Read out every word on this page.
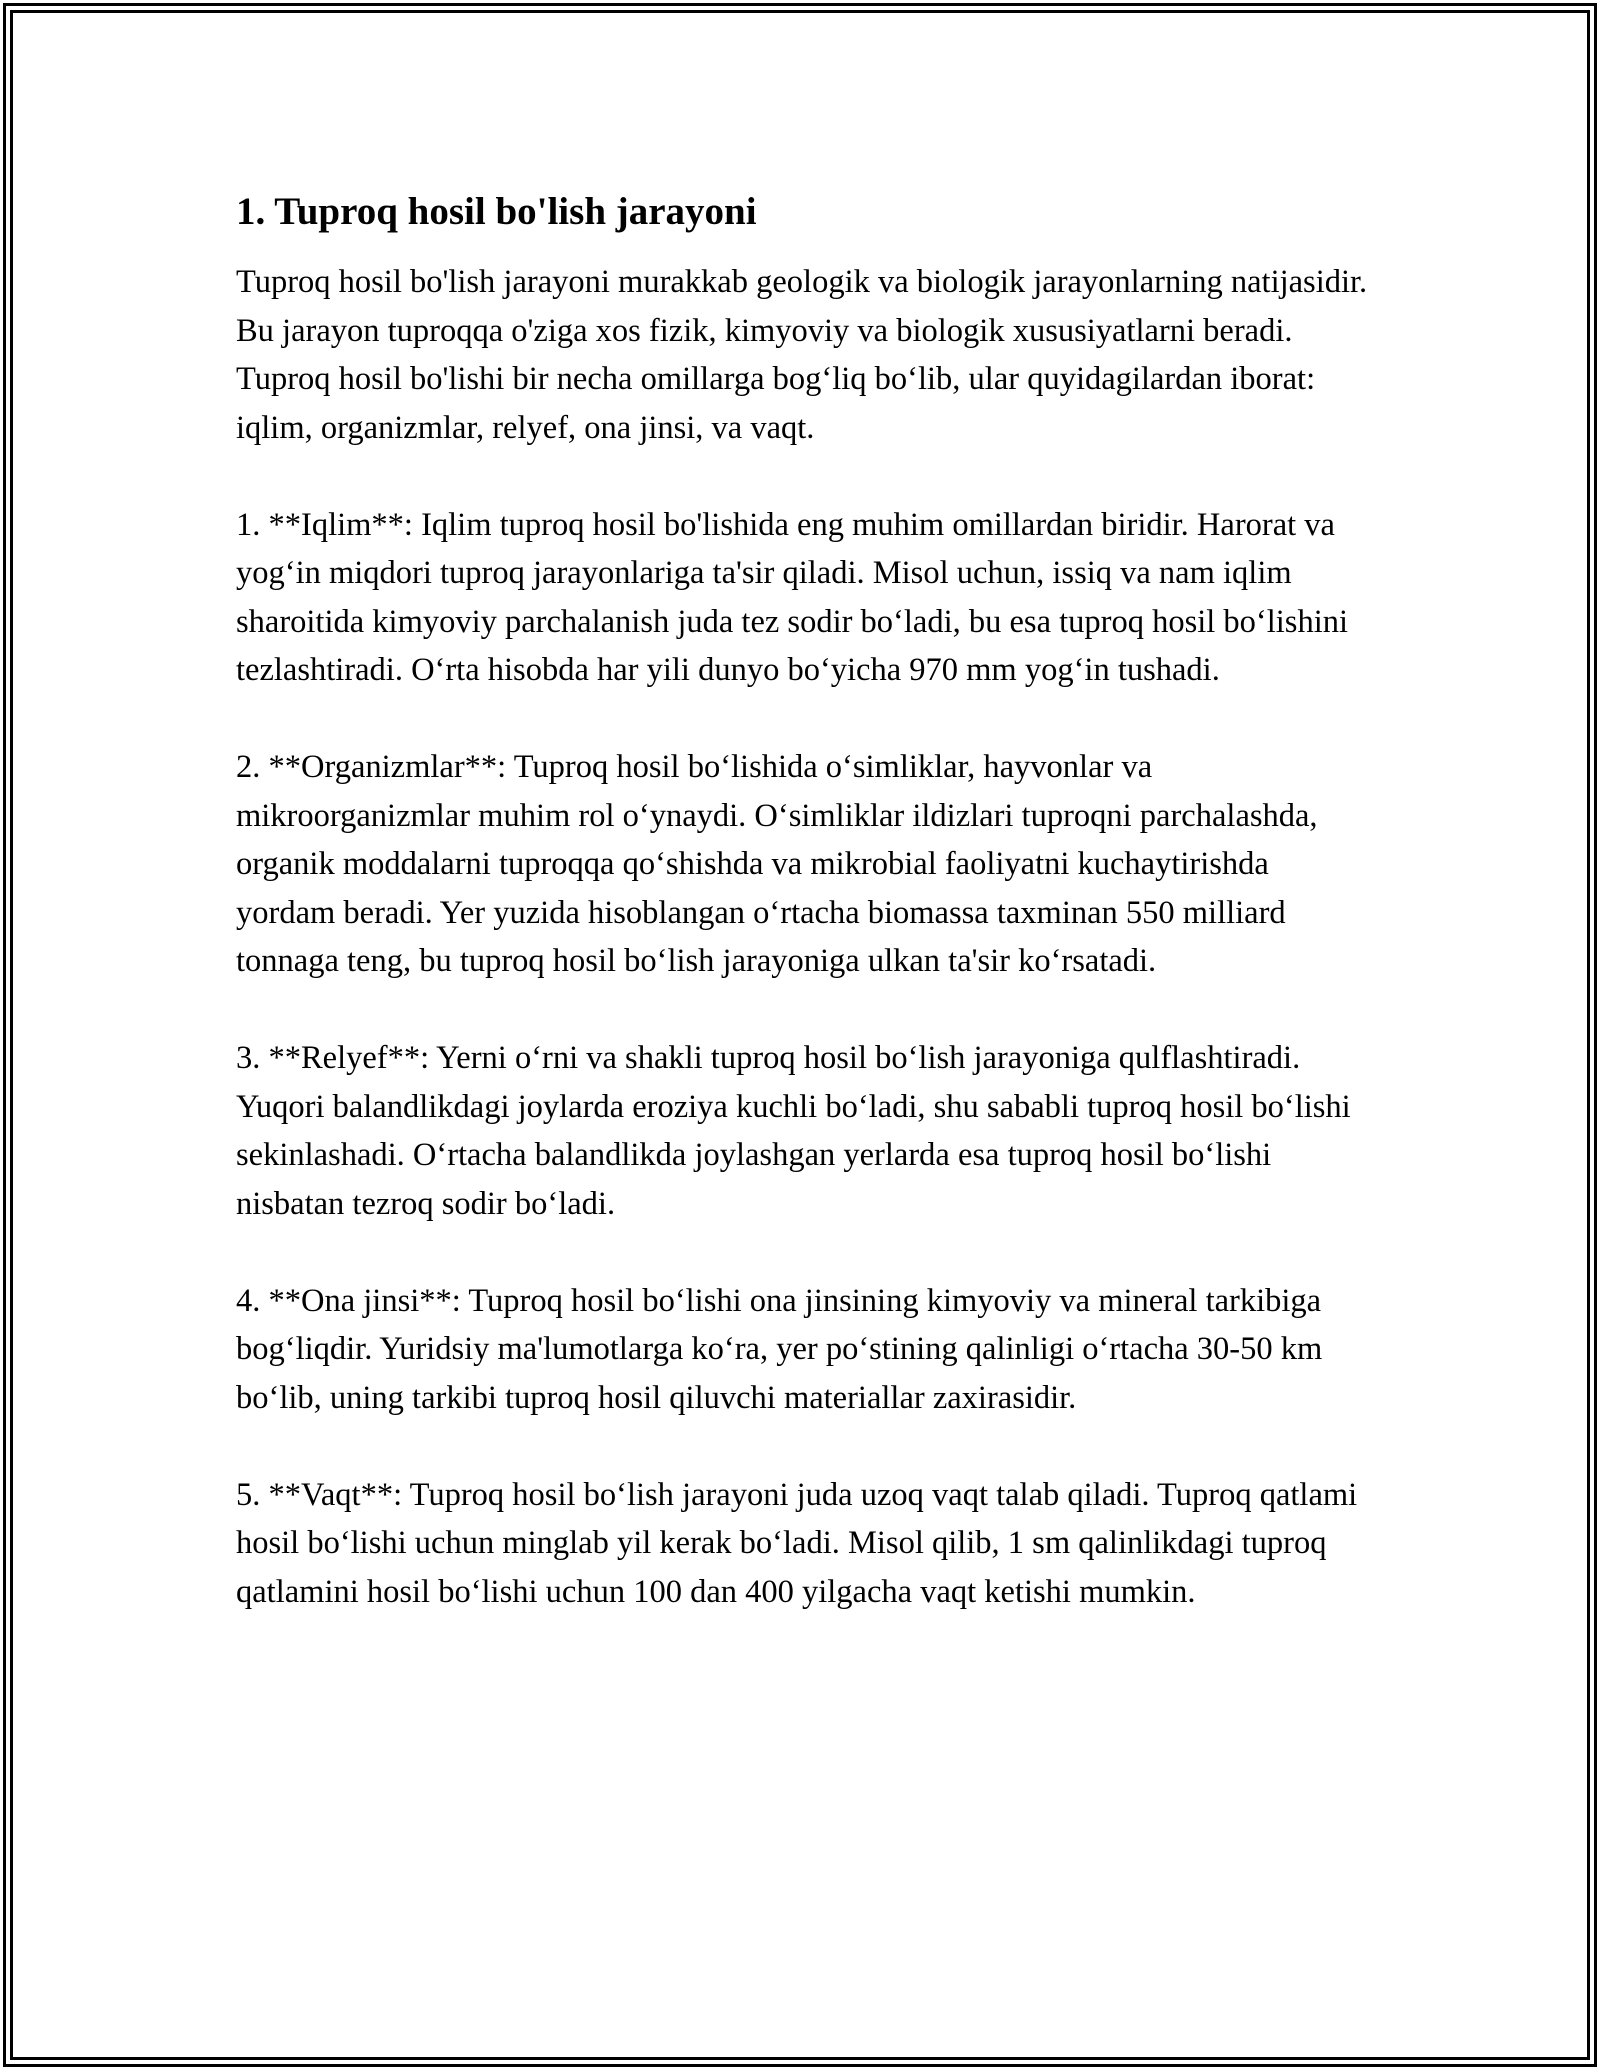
1. Tuproq hosil bo'lish jarayoni

Tuproq hosil bo'lish jarayoni murakkab geologik va biologik jarayonlarning natijasidir. Bu jarayon tuproqqa o'ziga xos fizik, kimyoviy va biologik xususiyatlarni beradi. Tuproq hosil bo'lishi bir necha omillarga bog‘liq bo‘lib, ular quyidagilardan iborat: iqlim, organizmlar, relyef, ona jinsi, va vaqt.

1. **Iqlim**: Iqlim tuproq hosil bo'lishida eng muhim omillardan biridir. Harorat va yog‘in miqdori tuproq jarayonlariga ta'sir qiladi. Misol uchun, issiq va nam iqlim sharoitida kimyoviy parchalanish juda tez sodir bo‘ladi, bu esa tuproq hosil bo‘lishini tezlashtiradi. O‘rta hisobda har yili dunyo bo‘yicha 970 mm yog‘in tushadi.

2. **Organizmlar**: Tuproq hosil bo‘lishida o‘simliklar, hayvonlar va mikroorganizmlar muhim rol o‘ynaydi. O‘simliklar ildizlari tuproqni parchalashda, organik moddalarni tuproqqa qo‘shishda va mikrobial faoliyatni kuchaytirishda yordam beradi. Yer yuzida hisoblangan o‘rtacha biomassa taxminan 550 milliard tonnaga teng, bu tuproq hosil bo‘lish jarayoniga ulkan ta'sir ko‘rsatadi.

3. **Relyef**: Yerni o‘rni va shakli tuproq hosil bo‘lish jarayoniga qulflashtiradi. Yuqori balandlikdagi joylarda eroziya kuchli bo‘ladi, shu sababli tuproq hosil bo‘lishi sekinlashadi. O‘rtacha balandlikda joylashgan yerlarda esa tuproq hosil bo‘lishi nisbatan tezroq sodir bo‘ladi.

4. **Ona jinsi**: Tuproq hosil bo‘lishi ona jinsining kimyoviy va mineral tarkibiga bog‘liqdir. Yuridsiy ma'lumotlarga ko‘ra, yer po‘stining qalinligi o‘rtacha 30-50 km bo‘lib, uning tarkibi tuproq hosil qiluvchi materiallar zaxirasidir.

5. **Vaqt**: Tuproq hosil bo‘lish jarayoni juda uzoq vaqt talab qiladi. Tuproq qatlami hosil bo‘lishi uchun minglab yil kerak bo‘ladi. Misol qilib, 1 sm qalinlikdagi tuproq qatlamini hosil bo‘lishi uchun 100 dan 400 yilgacha vaqt ketishi mumkin.
